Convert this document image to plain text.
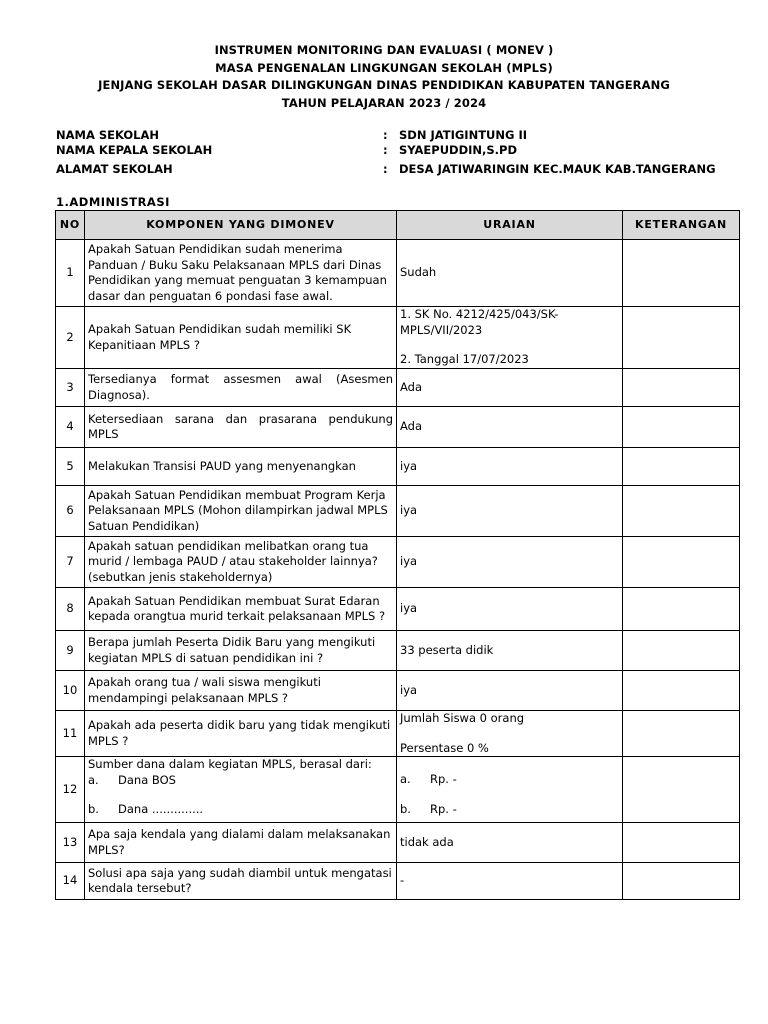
INSTRUMEN MONITORING DAN EVALUASI ( MONEV )
MASA PENGENALAN LINGKUNGAN SEKOLAH (MPLS)
JENJANG SEKOLAH DASAR DILINGKUNGAN DINAS PENDIDIKAN KABUPATEN TANGERANG
TAHUN PELAJARAN 2023 / 2024
NAMA SEKOLAH	: SDN JATIGINTUNG II
NAMA KEPALA SEKOLAH	: SYAEPUDDIN,S.PD
ALAMAT SEKOLAH	: DESA JATIWARINGIN KEC.MAUK KAB.TANGERANG
1.ADMINISTRASI
NO	KOMPONEN YANG DIMONEV	URAIAN	KETERANGAN
1	Apakah Satuan Pendidikan sudah menerima Panduan / Buku Saku Pelaksanaan MPLS dari Dinas Pendidikan yang memuat penguatan 3 kemampuan dasar dan penguatan 6 pondasi fase awal.	Sudah	
2	Apakah Satuan Pendidikan sudah memiliki SK Kepanitiaan MPLS ?	1. SK No. 4212/425/043/SK-MPLS/VII/2023
2. Tanggal 17/07/2023	

3	Tersedianya format assesmen awal (Asesmen Diagnosa).	Ada	
4	Ketersediaan sarana dan prasarana pendukung MPLS	Ada	
5	Melakukan Transisi PAUD yang menyenangkan	iya	
6	Apakah Satuan Pendidikan membuat Program Kerja Pelaksanaan MPLS (Mohon dilampirkan jadwal MPLS Satuan Pendidikan)	iya	
7	Apakah satuan pendidikan melibatkan orang tua murid / lembaga PAUD / atau stakeholder lainnya? (sebutkan jenis stakeholdernya)	iya	
8	Apakah Satuan Pendidikan membuat Surat Edaran kepada orangtua murid terkait pelaksanaan MPLS ?	iya	
9	Berapa jumlah Peserta Didik Baru yang mengikuti kegiatan MPLS di satuan pendidikan ini ?	33 peserta didik	
10	Apakah orang tua / wali siswa mengikuti mendampingi pelaksanaan MPLS ?	iya	
11	Apakah ada peserta didik baru yang tidak mengikuti MPLS ?	Jumlah Siswa 0 orang
Persentase 0 %	

12	Sumber dana dalam kegiatan MPLS, berasal dari:
a. Dana BOS
b. Dana ..............	a. Rp. -
b. Rp. -	

13	Apa saja kendala yang dialami dalam melaksanakan MPLS?	tidak ada	
14	Solusi apa saja yang sudah diambil untuk mengatasi kendala tersebut?	-	
